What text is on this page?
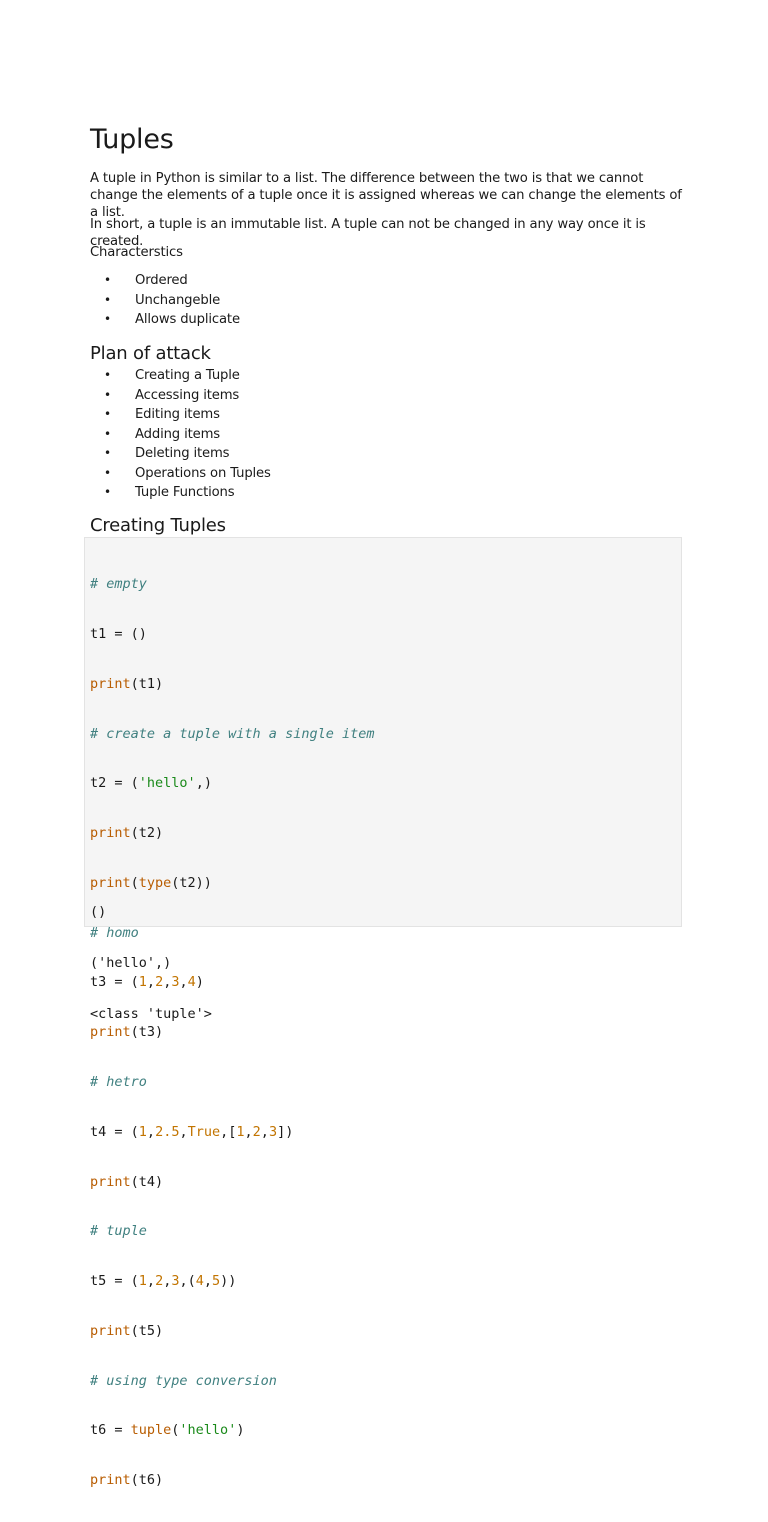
Tuples

A tuple in Python is similar to a list. The difference between the two is that we cannot change the elements of a tuple once it is assigned whereas we can change the elements of a list.

In short, a tuple is an immutable list. A tuple can not be changed in any way once it is created.

Characterstics

• Ordered
• Unchangeble
• Allows duplicate
Plan of attack
• Creating a Tuple
• Accessing items
• Editing items
• Adding items
• Deleting items
• Operations on Tuples
• Tuple Functions
Creating Tuples

# empty

t1 = ()

print(t1)

# create a tuple with a single item

t2 = ('hello',)

print(t2)

print(type(t2))

# homo

t3 = (1,2,3,4)

print(t3)

# hetro

t4 = (1,2.5,True,[1,2,3])

print(t4)

# tuple

t5 = (1,2,3,(4,5))

print(t5)

# using type conversion

t6 = tuple('hello')

print(t6)

()

('hello',)

<class 'tuple'>
